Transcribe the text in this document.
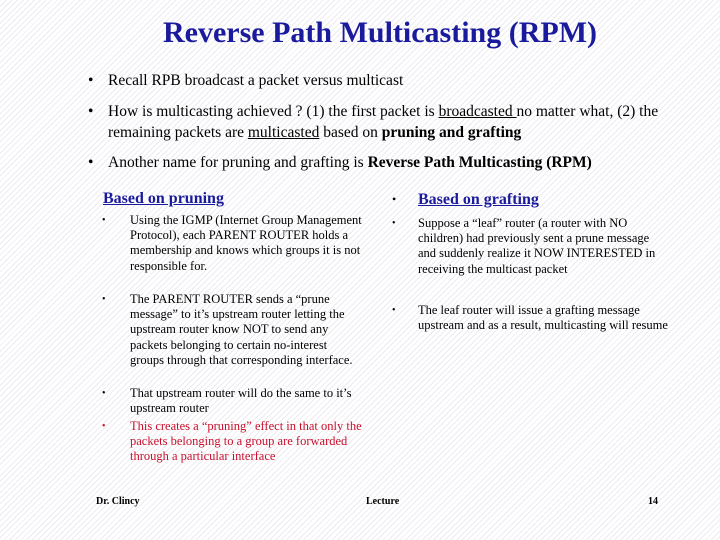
Reverse Path Multicasting (RPM)
• Recall RPB broadcast a packet versus multicast
• How is multicasting achieved ? (1) the first packet is broadcasted no matter what, (2) the remaining packets are multicasted based on pruning and grafting
• Another name for pruning and grafting is Reverse Path Multicasting (RPM)
Based on pruning
• Using the IGMP (Internet Group Management Protocol), each PARENT ROUTER holds a membership and knows which groups it is not responsible for.
• The PARENT ROUTER sends a “prune message” to it’s upstream router letting the upstream router know NOT to send any packets belonging to certain no-interest groups through that corresponding interface.
• That upstream router will do the same to it’s upstream router
• This creates a “pruning” effect in that only the packets belonging to a group are forwarded through a particular interface
• Based on grafting
• Suppose a “leaf” router (a router with NO children) had previously sent a prune message and suddenly realize it NOW INTERESTED in receiving the multicast packet
• The leaf router will issue a grafting message upstream and as a result, multicasting will resume
Dr. Clincy	Lecture	14
